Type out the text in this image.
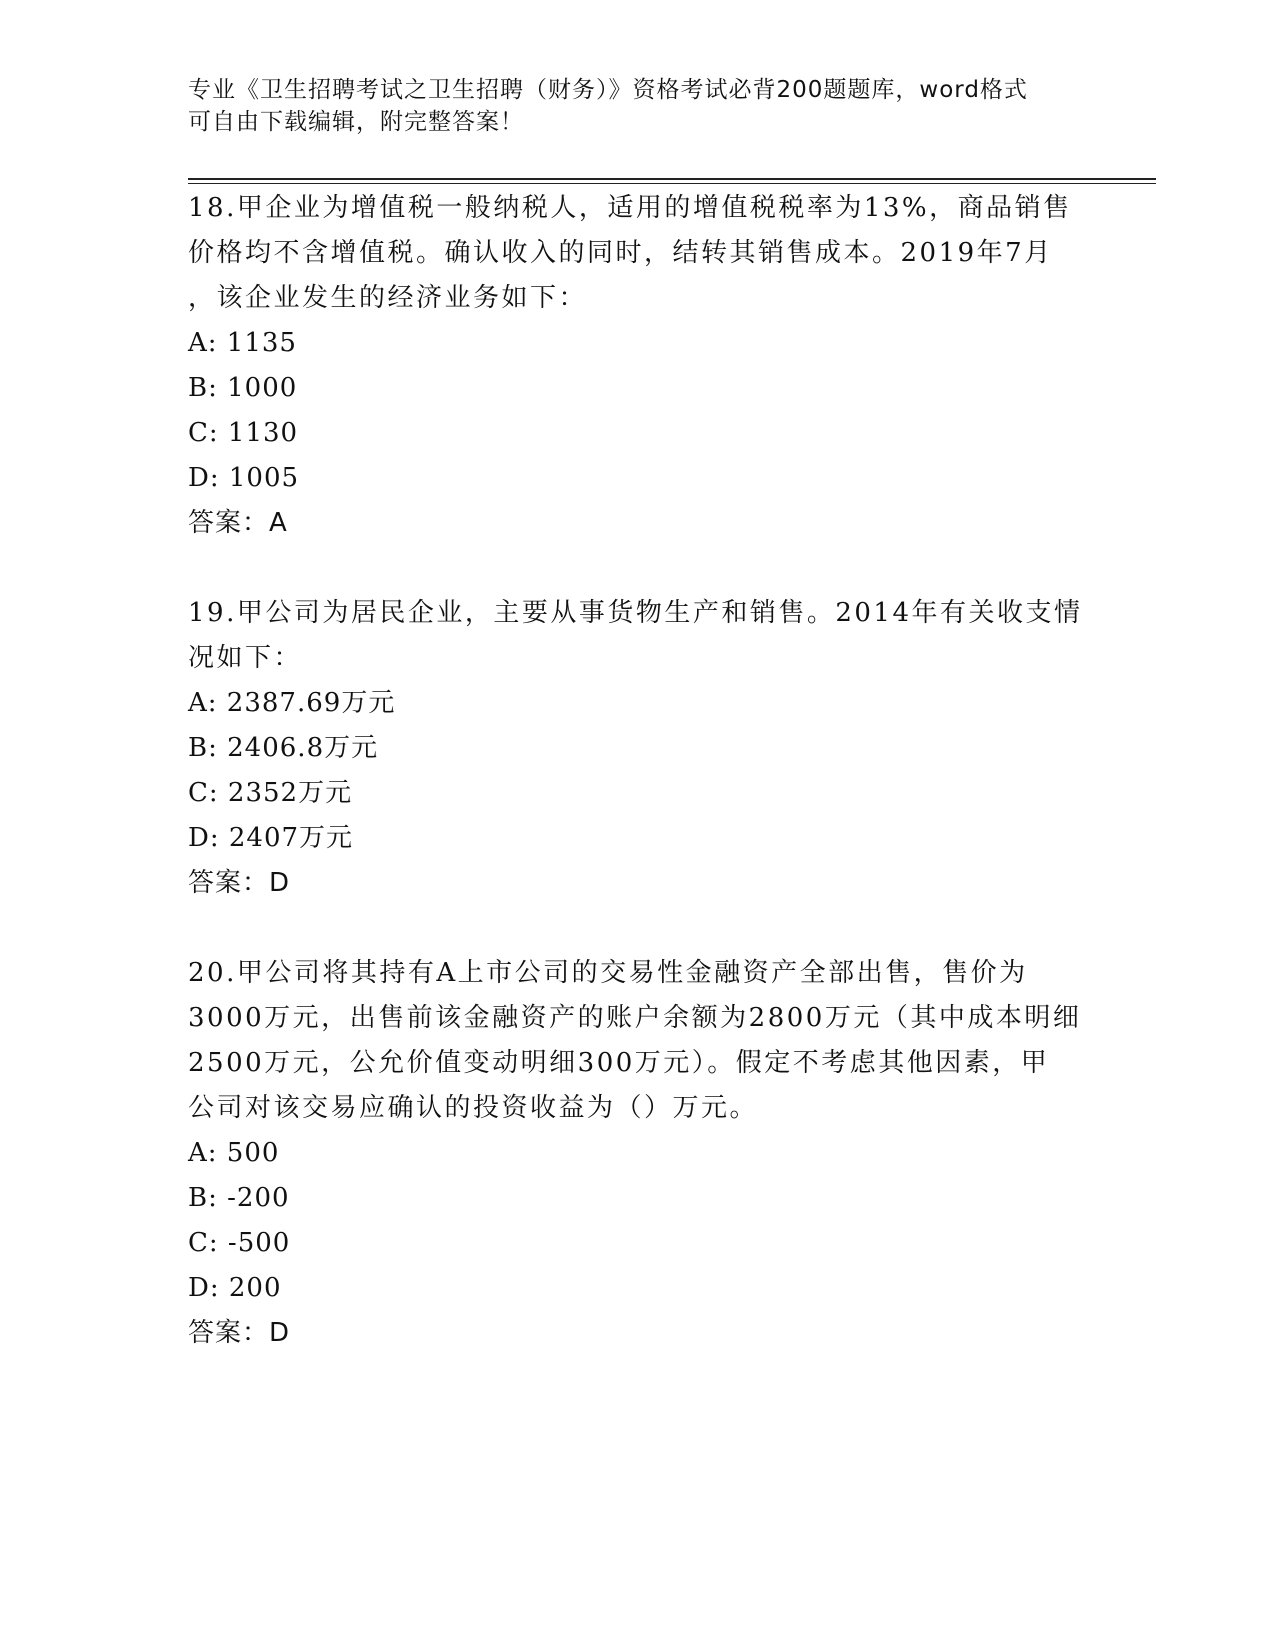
专业《卫生招聘考试之卫生招聘（财务）》资格考试必背200题题库，word格式
可自由下载编辑，附完整答案！
18.甲企业为增值税一般纳税人，适用的增值税税率为13%，商品销售
价格均不含增值税。确认收入的同时，结转其销售成本。2019年7月
，该企业发生的经济业务如下：
A: 1135
B: 1000
C: 1130
D: 1005
答案：A
19.甲公司为居民企业，主要从事货物生产和销售。2014年有关收支情
况如下：
A: 2387.69万元
B: 2406.8万元
C: 2352万元
D: 2407万元
答案：D
20.甲公司将其持有A上市公司的交易性金融资产全部出售，售价为
3000万元，出售前该金融资产的账户余额为2800万元（其中成本明细
2500万元，公允价值变动明细300万元）。假定不考虑其他因素，甲
公司对该交易应确认的投资收益为（）万元。
A: 500
B: -200
C: -500
D: 200
答案：D
